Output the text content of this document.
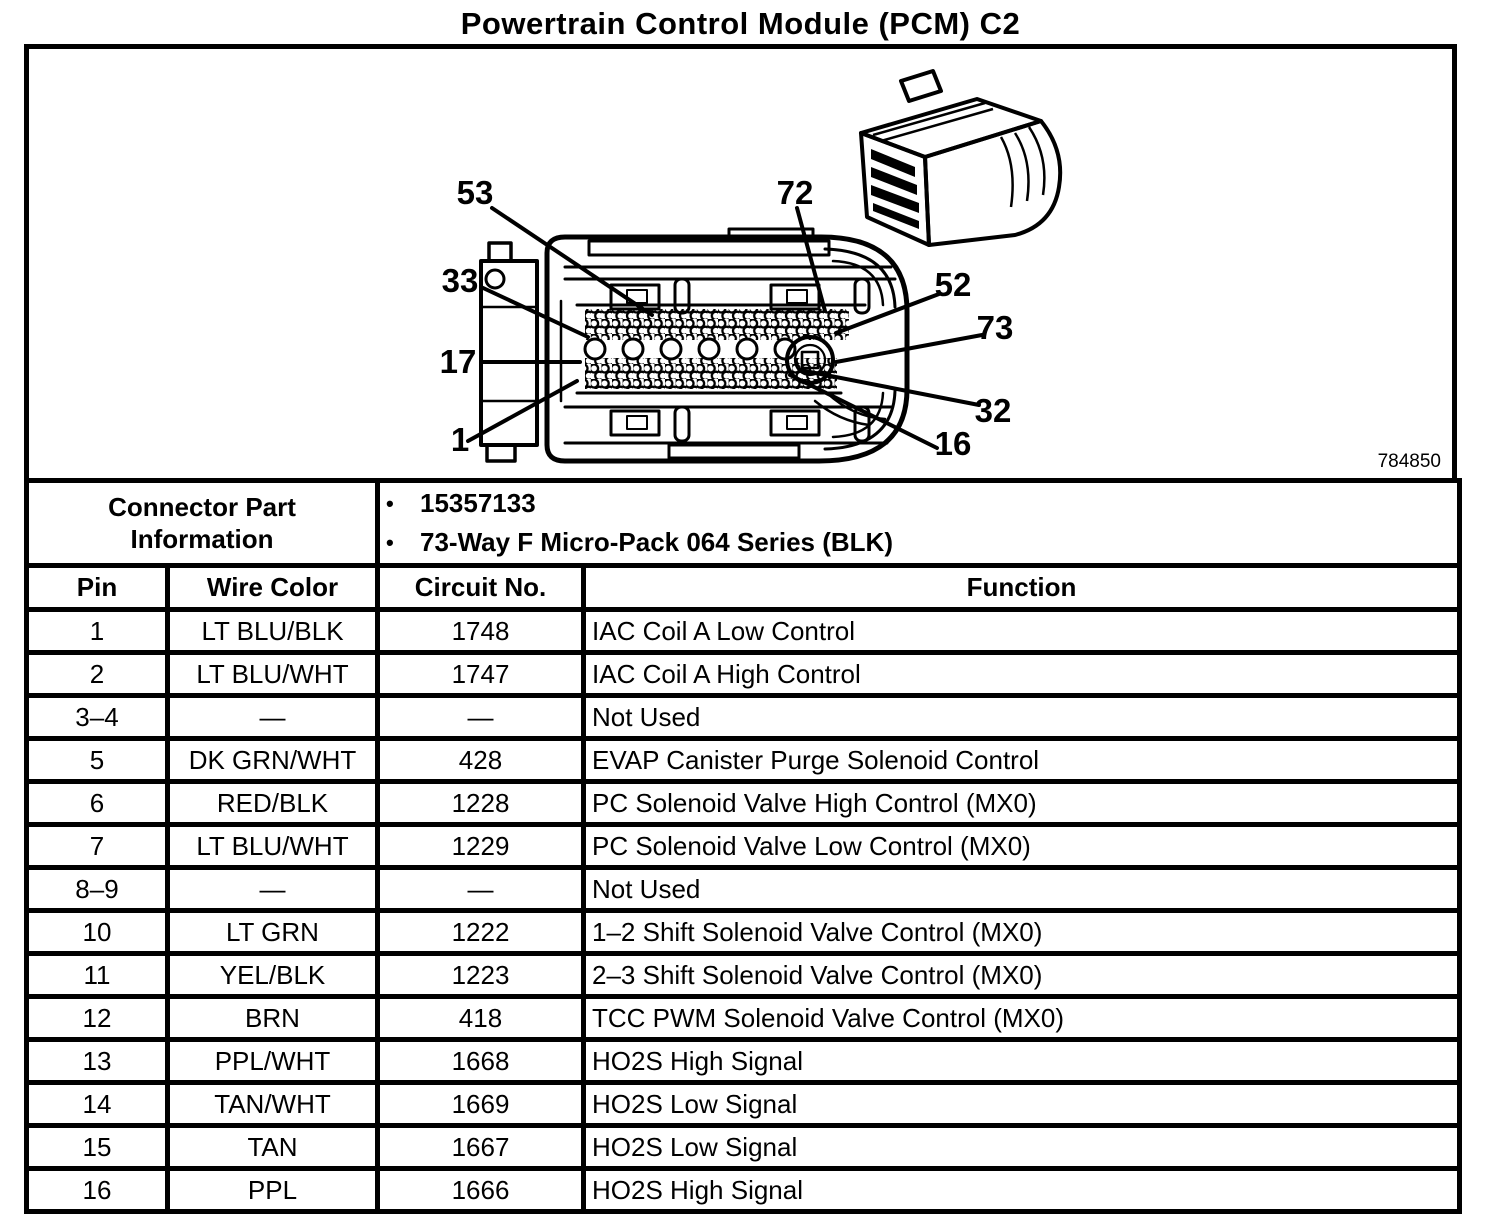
Powertrain Control Module (PCM) C2
53	72
33	52
73
17
32
1	16	784850
Connector Part Information		• 15357133
• 73-Way F Micro-Pack 064 Series (BLK)	

Pin	Wire Color	Circuit No.	Function
1	LT BLU/BLK	1748	IAC Coil A Low Control
2	LT BLU/WHT	1747	IAC Coil A High Control
3–4	—	—	Not Used
5	DK GRN/WHT	428	EVAP Canister Purge Solenoid Control
6	RED/BLK	1228	PC Solenoid Valve High Control (MX0)
7	LT BLU/WHT	1229	PC Solenoid Valve Low Control (MX0)
8–9	—	—	Not Used
10	LT GRN	1222	1–2 Shift Solenoid Valve Control (MX0)
11	YEL/BLK	1223	2–3 Shift Solenoid Valve Control (MX0)
12	BRN	418	TCC PWM Solenoid Valve Control (MX0)
13	PPL/WHT	1668	HO2S High Signal
14	TAN/WHT	1669	HO2S Low Signal
15	TAN	1667	HO2S Low Signal
16	PPL	1666	HO2S High Signal
